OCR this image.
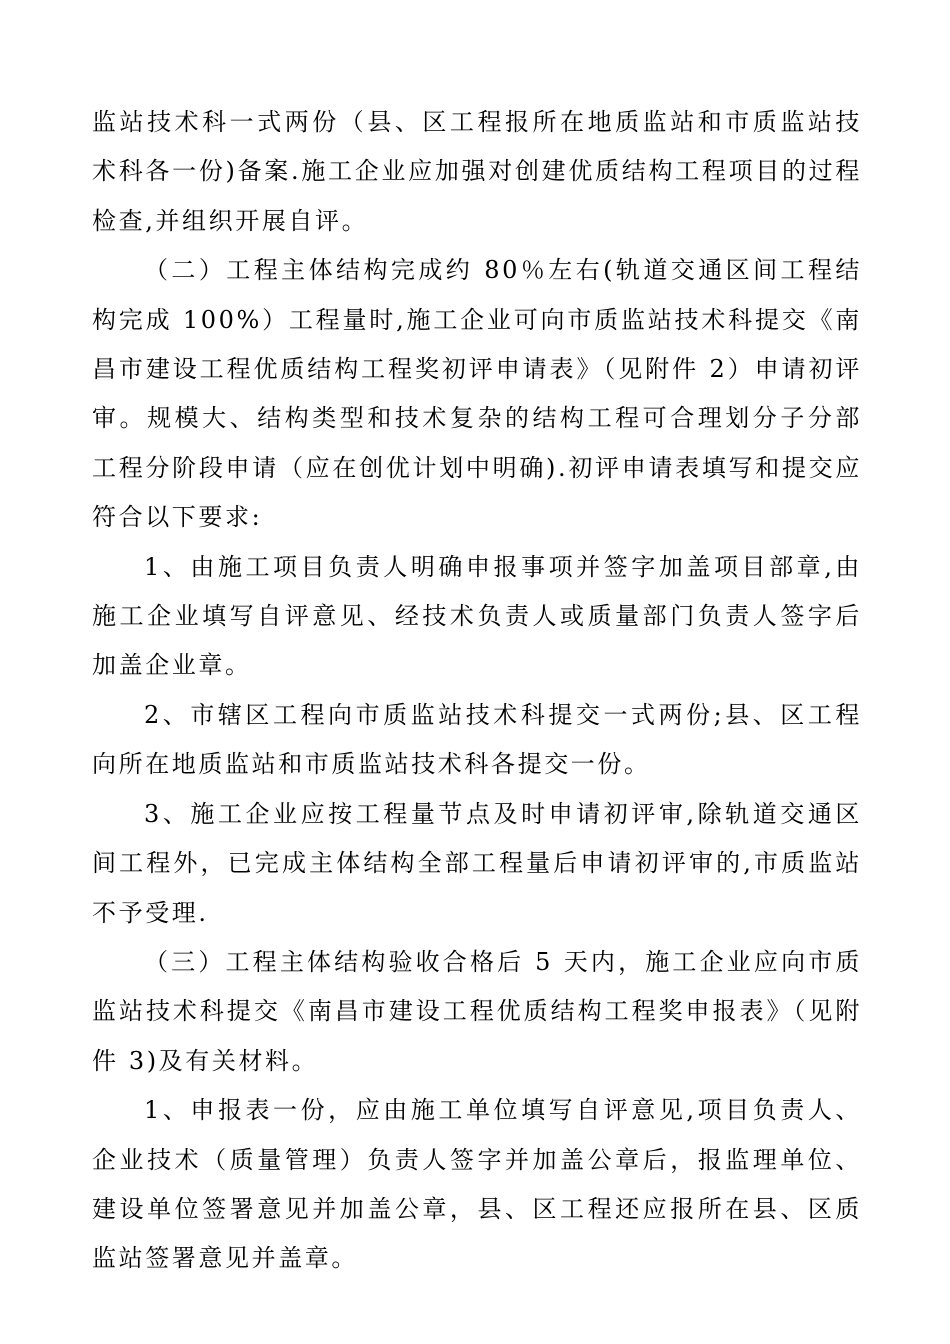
监站技术科一式两份（县、区工程报所在地质监站和市质监站技术科各一份)备案.施工企业应加强对创建优质结构工程项目的过程检查,并组织开展自评。

（二）工程主体结构完成约 80％左右(轨道交通区间工程结构完成 100%）工程量时,施工企业可向市质监站技术科提交《南昌市建设工程优质结构工程奖初评申请表》（见附件 2）申请初评审。规模大、结构类型和技术复杂的结构工程可合理划分子分部工程分阶段申请（应在创优计划中明确).初评申请表填写和提交应符合以下要求:

1、由施工项目负责人明确申报事项并签字加盖项目部章,由施工企业填写自评意见、经技术负责人或质量部门负责人签字后加盖企业章。

2、市辖区工程向市质监站技术科提交一式两份;县、区工程向所在地质监站和市质监站技术科各提交一份。

3、施工企业应按工程量节点及时申请初评审,除轨道交通区间工程外，已完成主体结构全部工程量后申请初评审的,市质监站不予受理.

（三）工程主体结构验收合格后 5 天内，施工企业应向市质监站技术科提交《南昌市建设工程优质结构工程奖申报表》（见附件 3)及有关材料。

1、申报表一份，应由施工单位填写自评意见,项目负责人、企业技术（质量管理）负责人签字并加盖公章后，报监理单位、建设单位签署意见并加盖公章，县、区工程还应报所在县、区质监站签署意见并盖章。
